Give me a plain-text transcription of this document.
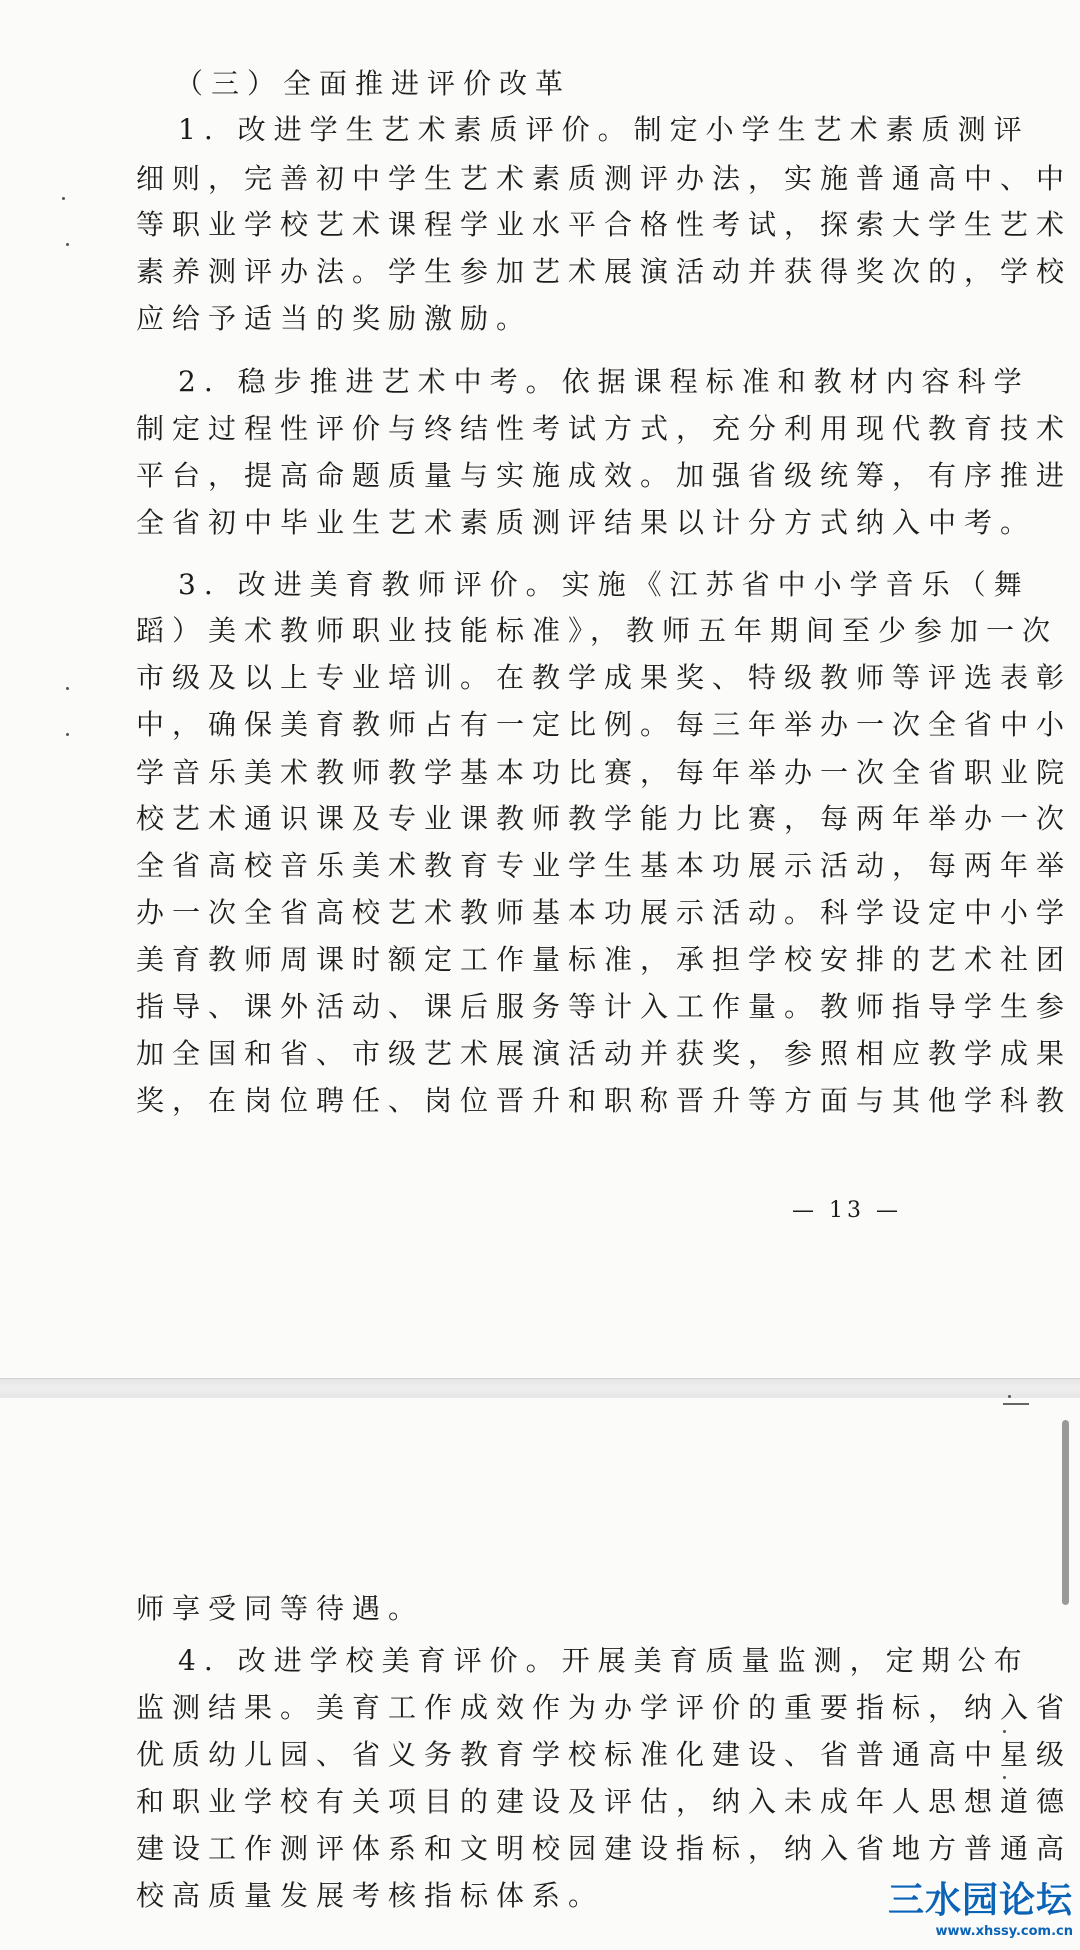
（三）全面推进评价改革
1. 改进学生艺术素质评价。制定小学生艺术素质测评
细则，完善初中学生艺术素质测评办法，实施普通高中、中
等职业学校艺术课程学业水平合格性考试，探索大学生艺术
素养测评办法。学生参加艺术展演活动并获得奖次的，学校
应给予适当的奖励激励。
2. 稳步推进艺术中考。依据课程标准和教材内容科学
制定过程性评价与终结性考试方式，充分利用现代教育技术
平台，提高命题质量与实施成效。加强省级统筹，有序推进
全省初中毕业生艺术素质测评结果以计分方式纳入中考。
3. 改进美育教师评价。实施《江苏省中小学音乐（舞
蹈）美术教师职业技能标准》，教师五年期间至少参加一次
市级及以上专业培训。在教学成果奖、特级教师等评选表彰
中，确保美育教师占有一定比例。每三年举办一次全省中小
学音乐美术教师教学基本功比赛，每年举办一次全省职业院
校艺术通识课及专业课教师教学能力比赛，每两年举办一次
全省高校音乐美术教育专业学生基本功展示活动，每两年举
办一次全省高校艺术教师基本功展示活动。科学设定中小学
美育教师周课时额定工作量标准，承担学校安排的艺术社团
指导、课外活动、课后服务等计入工作量。教师指导学生参
加全国和省、市级艺术展演活动并获奖，参照相应教学成果
奖，在岗位聘任、岗位晋升和职称晋升等方面与其他学科教
师享受同等待遇。
4. 改进学校美育评价。开展美育质量监测，定期公布
监测结果。美育工作成效作为办学评价的重要指标，纳入省
优质幼儿园、省义务教育学校标准化建设、省普通高中星级
和职业学校有关项目的建设及评估，纳入未成年人思想道德
建设工作测评体系和文明校园建设指标，纳入省地方普通高
校高质量发展考核指标体系。
— 13 —
三水园论坛
www.xhssy.com.cn
